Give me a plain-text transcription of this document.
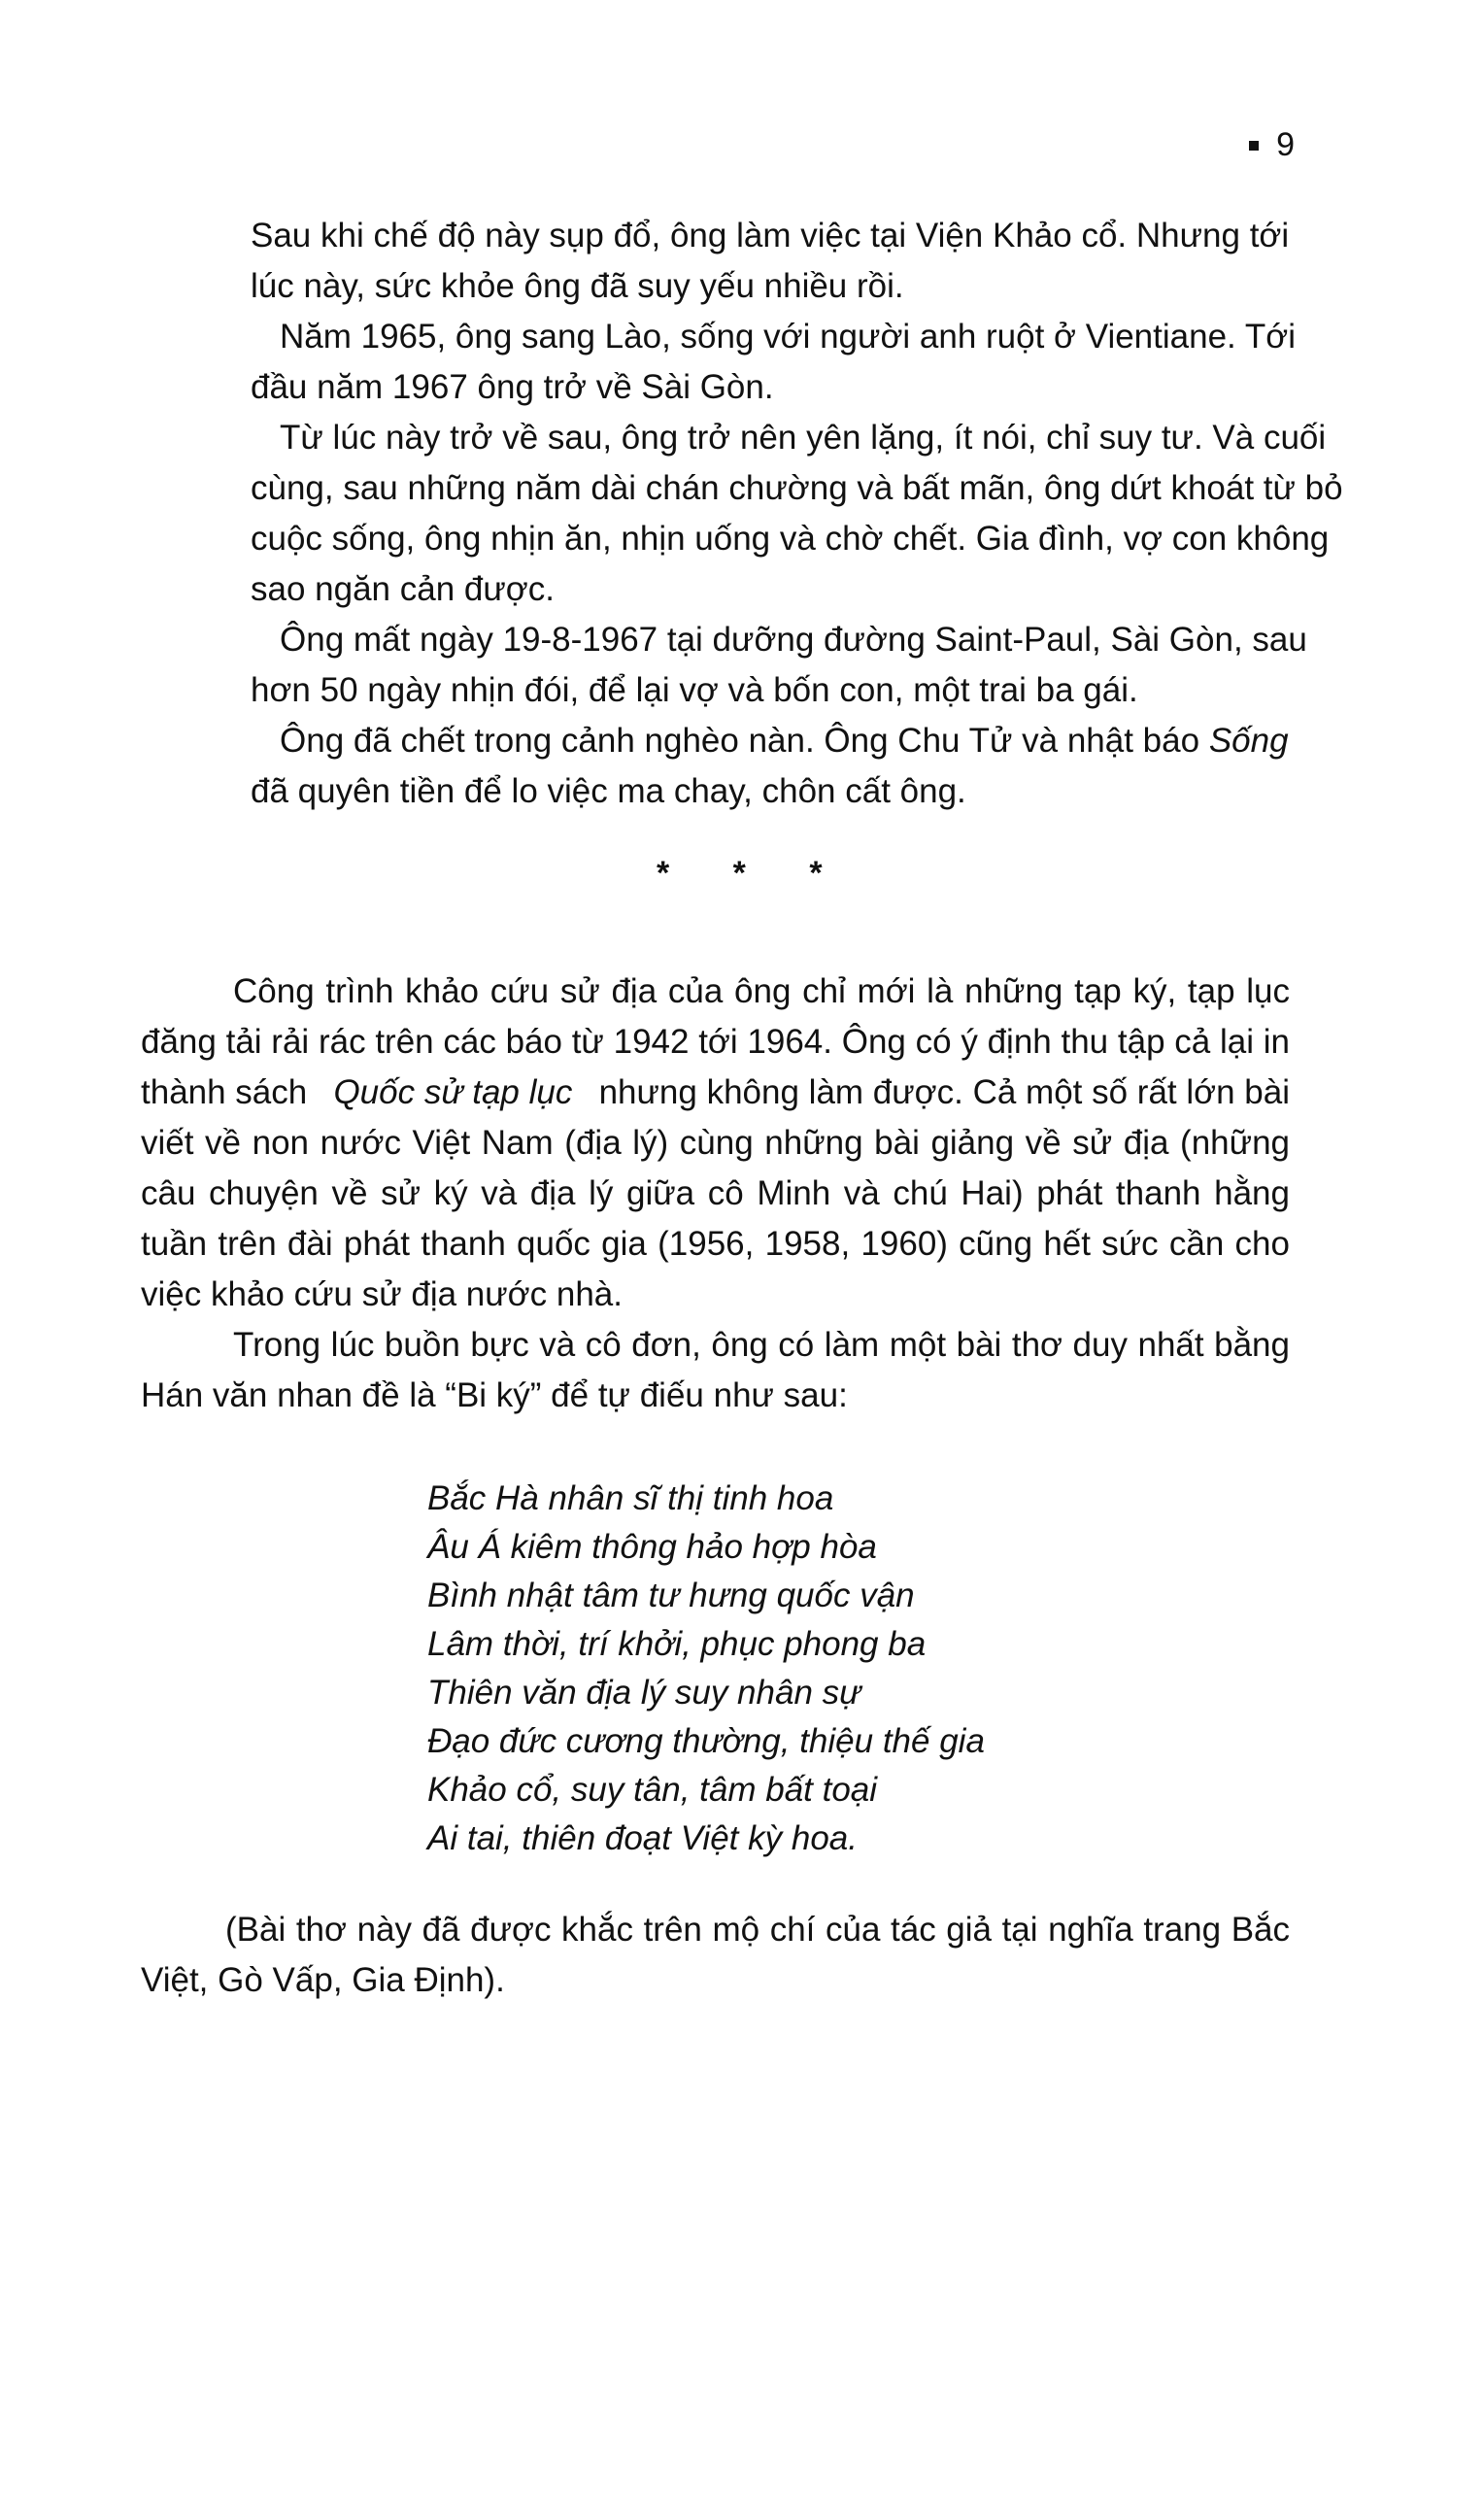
9
Sau khi chế độ này sụp đổ, ông làm việc tại Viện Khảo cổ. Nhưng tới
lúc này, sức khỏe ông đã suy yếu nhiều rồi.
Năm 1965, ông sang Lào, sống với người anh ruột ở Vientiane. Tới
đầu năm 1967 ông trở về Sài Gòn.
Từ lúc này trở về sau, ông trở nên yên lặng, ít nói, chỉ suy tư. Và cuối
cùng, sau những năm dài chán chường và bất mãn, ông dứt khoát từ bỏ
cuộc sống, ông nhịn ăn, nhịn uống và chờ chết. Gia đình, vợ con không
sao ngăn cản được.
Ông mất ngày 19-8-1967 tại dưỡng đường Saint-Paul, Sài Gòn, sau
hơn 50 ngày nhịn đói, để lại vợ và bốn con, một trai ba gái.
Ông đã chết trong cảnh nghèo nàn. Ông Chu Tử và nhật báo Sống
đã quyên tiền để lo việc ma chay, chôn cất ông.
* * *
Công trình khảo cứu sử địa của ông chỉ mới là những tạp ký, tạp lục
đăng tải rải rác trên các báo từ 1942 tới 1964. Ông có ý định thu tập cả lại in
thành sách Quốc sử tạp lục nhưng không làm được. Cả một số rất lớn bài
viết về non nước Việt Nam (địa lý) cùng những bài giảng về sử địa (những
câu chuyện về sử ký và địa lý giữa cô Minh và chú Hai) phát thanh hằng
tuần trên đài phát thanh quốc gia (1956, 1958, 1960) cũng hết sức cần cho
việc khảo cứu sử địa nước nhà.
Trong lúc buồn bực và cô đơn, ông có làm một bài thơ duy nhất bằng
Hán văn nhan đề là “Bi ký” để tự điếu như sau:
Bắc Hà nhân sĩ thị tinh hoa
Âu Á kiêm thông hảo hợp hòa
Bình nhật tâm tư hưng quốc vận
Lâm thời, trí khởi, phục phong ba
Thiên văn địa lý suy nhân sự
Đạo đức cương thường, thiệu thế gia
Khảo cổ, suy tân, tâm bất toại
Ai tai, thiên đoạt Việt kỳ hoa.
(Bài thơ này đã được khắc trên mộ chí của tác giả tại nghĩa trang Bắc
Việt, Gò Vấp, Gia Định).
